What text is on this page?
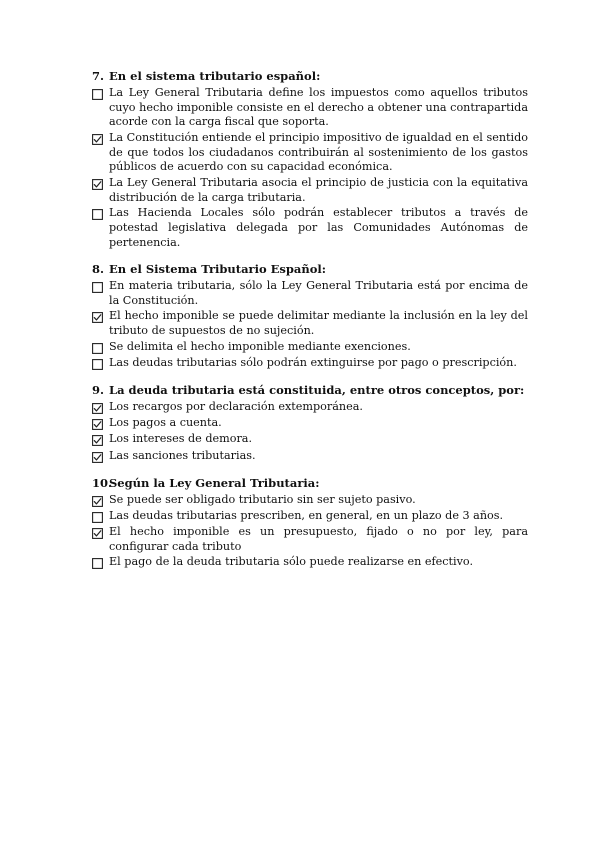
7. En el sistema tributario español:
La Ley General Tributaria define los impuestos como aquellos tributos cuyo hecho imponible consiste en el derecho a obtener una contrapartida acorde con la carga fiscal que soporta.
La Constitución entiende el principio impositivo de igualdad en el sentido de que todos los ciudadanos contribuirán al sostenimiento de los gastos públicos de acuerdo con su capacidad económica.
La Ley General Tributaria asocia el principio de justicia con la equitativa distribución de la carga tributaria.
Las Hacienda Locales sólo podrán establecer tributos a través de potestad legislativa delegada por las Comunidades Autónomas de pertenencia.
8. En el Sistema Tributario Español:
En materia tributaria, sólo la Ley General Tributaria está por encima de la Constitución.
El hecho imponible se puede delimitar mediante la inclusión en la ley del tributo de supuestos de no sujeción.
Se delimita el hecho imponible mediante exenciones.
Las deudas tributarias sólo podrán extinguirse por pago o prescripción.
9. La deuda tributaria está constituida, entre otros conceptos, por:
Los recargos por declaración extemporánea.
Los pagos a cuenta.
Los intereses de demora.
Las sanciones tributarias.
10.
Según la Ley General Tributaria:
Se puede ser obligado tributario sin ser sujeto pasivo.
Las deudas tributarias prescriben, en general, en un plazo de 3 años.
El hecho imponible es un presupuesto, fijado o no por ley, para configurar cada tributo
El pago de la deuda tributaria sólo puede realizarse en efectivo.
